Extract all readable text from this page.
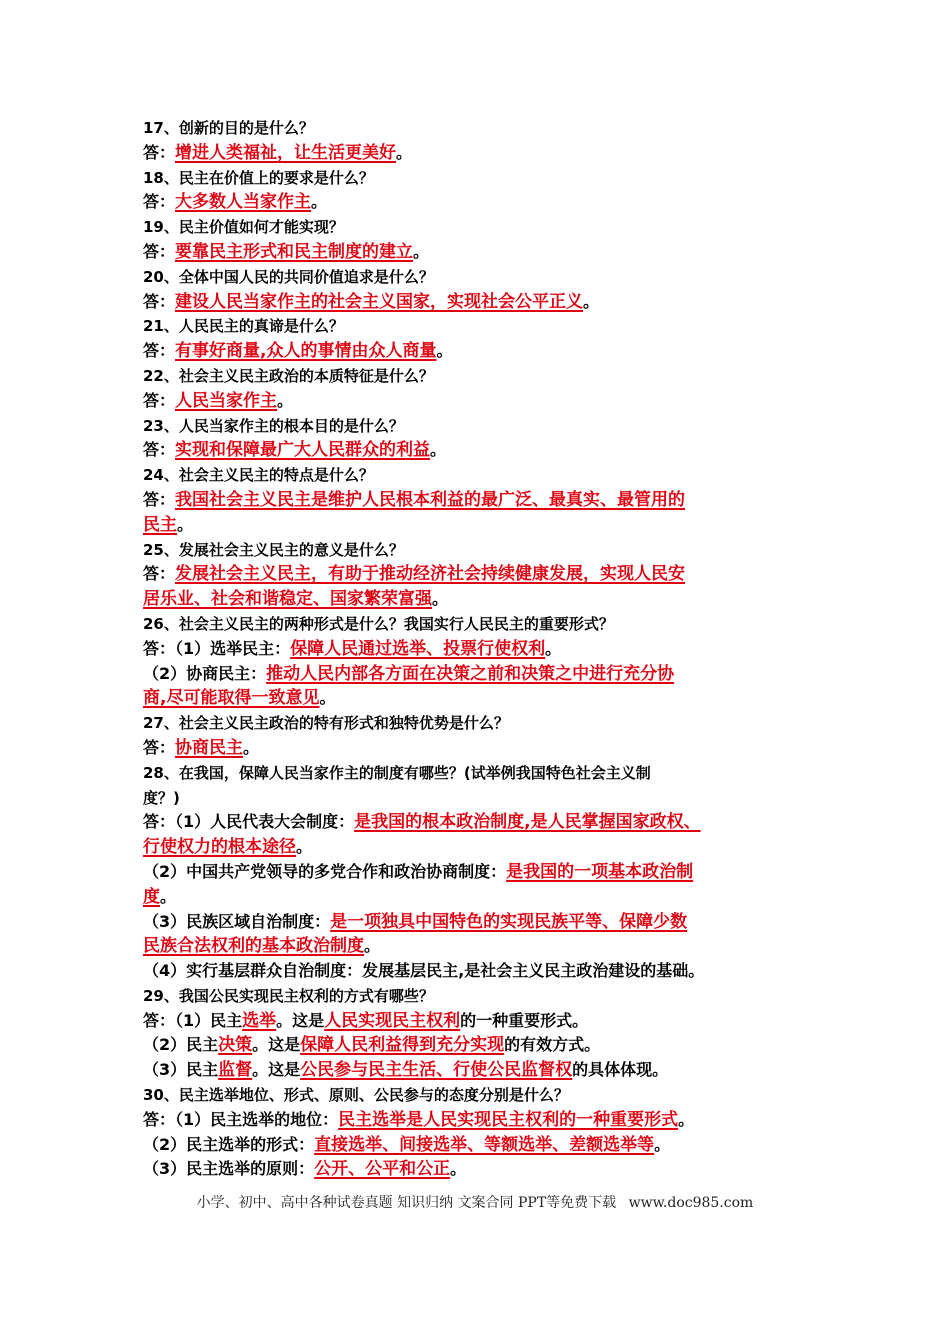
17、创新的目的是什么？
答：增进人类福祉，让生活更美好。
18、民主在价值上的要求是什么？
答：大多数人当家作主。
19、民主价值如何才能实现？
答：要靠民主形式和民主制度的建立。
20、全体中国人民的共同价值追求是什么？
答：建设人民当家作主的社会主义国家，实现社会公平正义。
21、人民民主的真谛是什么？
答：有事好商量,众人的事情由众人商量。
22、社会主义民主政治的本质特征是什么？
答：人民当家作主。
23、人民当家作主的根本目的是什么？
答：实现和保障最广大人民群众的利益。
24、社会主义民主的特点是什么？
答：我国社会主义民主是维护人民根本利益的最广泛、最真实、最管用的
民主。
25、发展社会主义民主的意义是什么？
答：发展社会主义民主，有助于推动经济社会持续健康发展，实现人民安
居乐业、社会和谐稳定、国家繁荣富强。
26、社会主义民主的两种形式是什么？我国实行人民民主的重要形式？
答：（1）选举民主：保障人民通过选举、投票行使权利。
（2）协商民主：推动人民内部各方面在决策之前和决策之中进行充分协
商,尽可能取得一致意见。
27、社会主义民主政治的特有形式和独特优势是什么？
答：协商民主。
28、在我国，保障人民当家作主的制度有哪些？(试举例我国特色社会主义制
度？)
答：（1）人民代表大会制度：是我国的根本政治制度,是人民掌握国家政权、
行使权力的根本途径。
（2）中国共产党领导的多党合作和政治协商制度：是我国的一项基本政治制
度。
（3）民族区域自治制度：是一项独具中国特色的实现民族平等、保障少数
民族合法权利的基本政治制度。
（4）实行基层群众自治制度：发展基层民主,是社会主义民主政治建设的基础。
29、我国公民实现民主权利的方式有哪些？
答：（1）民主选举。这是人民实现民主权利的一种重要形式。
（2）民主决策。这是保障人民利益得到充分实现的有效方式。
（3）民主监督。这是公民参与民主生活、行使公民监督权的具体体现。
30、民主选举地位、形式、原则、公民参与的态度分别是什么？
答：（1）民主选举的地位：民主选举是人民实现民主权利的一种重要形式。
（2）民主选举的形式：直接选举、间接选举、等额选举、差额选举等。
（3）民主选举的原则：公开、公平和公正。
小学、初中、高中各种试卷真题 知识归纳 文案合同 PPT等免费下载 www.doc985.com
